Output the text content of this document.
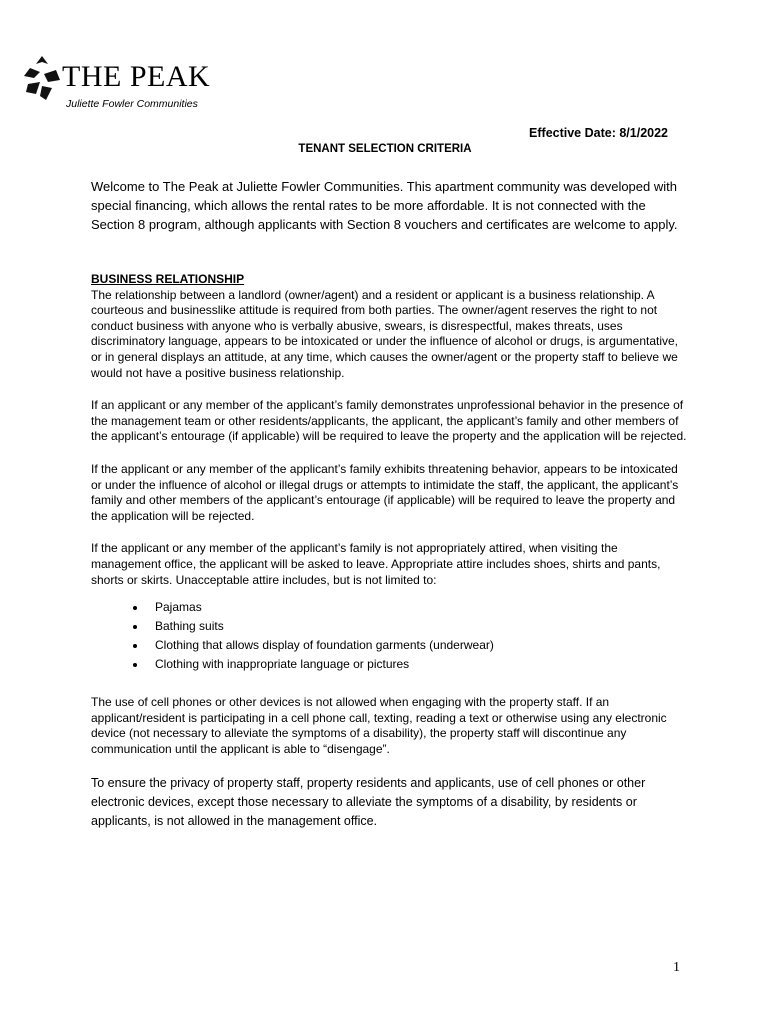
THE PEAK
Juliette Fowler Communities
Effective Date: 8/1/2022
TENANT SELECTION CRITERIA

Welcome to The Peak at Juliette Fowler Communities. This apartment community was developed with special financing, which allows the rental rates to be more affordable. It is not connected with the Section 8 program, although applicants with Section 8 vouchers and certificates are welcome to apply.

BUSINESS RELATIONSHIP

The relationship between a landlord (owner/agent) and a resident or applicant is a business relationship. A courteous and businesslike attitude is required from both parties. The owner/agent reserves the right to not conduct business with anyone who is verbally abusive, swears, is disrespectful, makes threats, uses discriminatory language, appears to be intoxicated or under the influence of alcohol or drugs, is argumentative, or in general displays an attitude, at any time, which causes the owner/agent or the property staff to believe we would not have a positive business relationship.

If an applicant or any member of the applicant’s family demonstrates unprofessional behavior in the presence of the management team or other residents/applicants, the applicant, the applicant’s family and other members of the applicant’s entourage (if applicable) will be required to leave the property and the application will be rejected.

If the applicant or any member of the applicant’s family exhibits threatening behavior, appears to be intoxicated or under the influence of alcohol or illegal drugs or attempts to intimidate the staff, the applicant, the applicant’s family and other members of the applicant’s entourage (if applicable) will be required to leave the property and the application will be rejected.

If the applicant or any member of the applicant’s family is not appropriately attired, when visiting the management office, the applicant will be asked to leave. Appropriate attire includes shoes, shirts and pants, shorts or skirts. Unacceptable attire includes, but is not limited to:

• Pajamas
• Bathing suits
• Clothing that allows display of foundation garments (underwear)
• Clothing with inappropriate language or pictures

The use of cell phones or other devices is not allowed when engaging with the property staff. If an applicant/resident is participating in a cell phone call, texting, reading a text or otherwise using any electronic device (not necessary to alleviate the symptoms of a disability), the property staff will discontinue any communication until the applicant is able to “disengage”.

To ensure the privacy of property staff, property residents and applicants, use of cell phones or other electronic devices, except those necessary to alleviate the symptoms of a disability, by residents or applicants, is not allowed in the management office.

1
